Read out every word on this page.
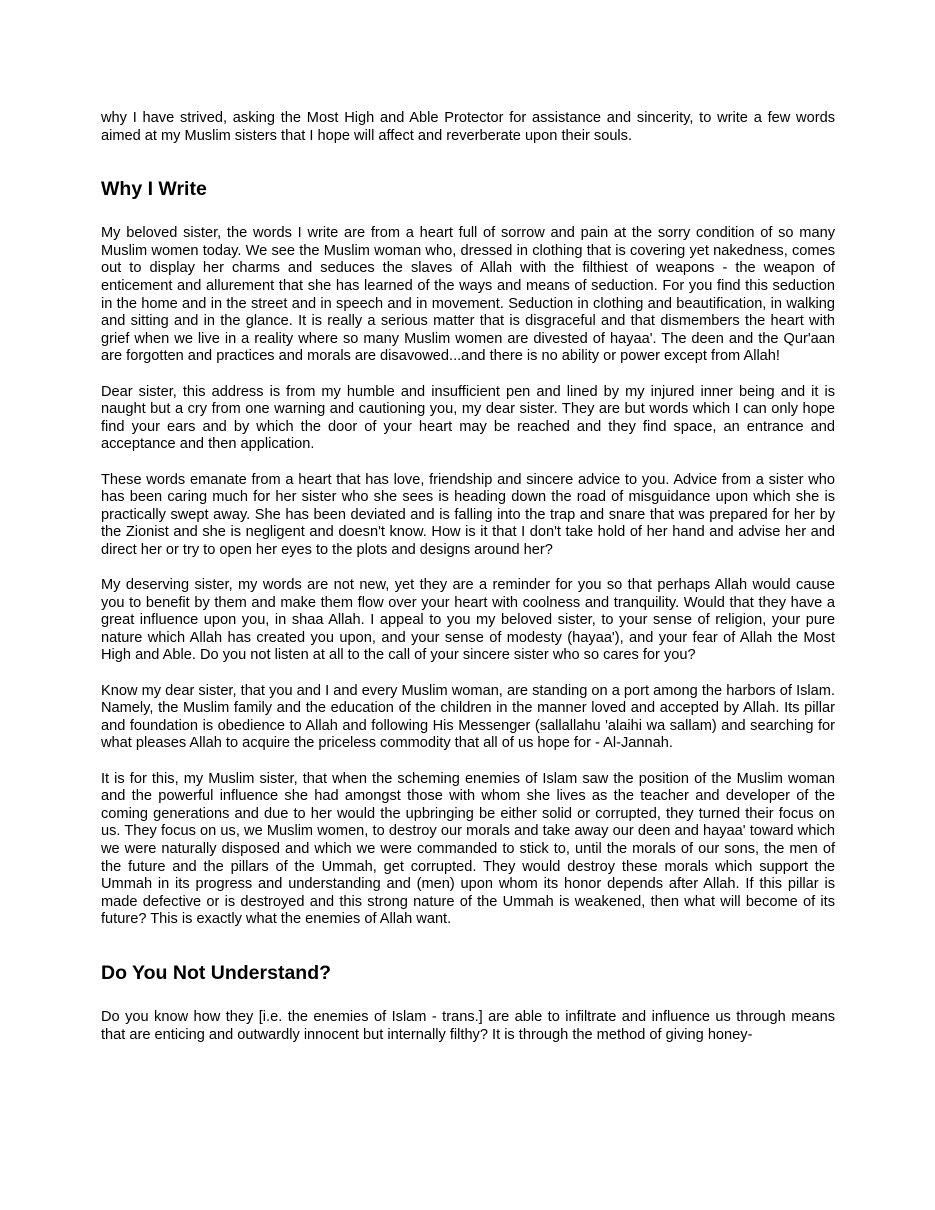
why I have strived, asking the Most High and Able Protector for assistance and sincerity, to write a few words aimed at my Muslim sisters that I hope will affect and reverberate upon their souls.

Why I Write

My beloved sister, the words I write are from a heart full of sorrow and pain at the sorry condition of so many Muslim women today. We see the Muslim woman who, dressed in clothing that is covering yet nakedness, comes out to display her charms and seduces the slaves of Allah with the filthiest of weapons - the weapon of enticement and allurement that she has learned of the ways and means of seduction. For you find this seduction in the home and in the street and in speech and in movement. Seduction in clothing and beautification, in walking and sitting and in the glance. It is really a serious matter that is disgraceful and that dismembers the heart with grief when we live in a reality where so many Muslim women are divested of hayaa'. The deen and the Qur'aan are forgotten and practices and morals are disavowed...and there is no ability or power except from Allah!

Dear sister, this address is from my humble and insufficient pen and lined by my injured inner being and it is naught but a cry from one warning and cautioning you, my dear sister. They are but words which I can only hope find your ears and by which the door of your heart may be reached and they find space, an entrance and acceptance and then application.

These words emanate from a heart that has love, friendship and sincere advice to you. Advice from a sister who has been caring much for her sister who she sees is heading down the road of misguidance upon which she is practically swept away. She has been deviated and is falling into the trap and snare that was prepared for her by the Zionist and she is negligent and doesn't know. How is it that I don't take hold of her hand and advise her and direct her or try to open her eyes to the plots and designs around her?

My deserving sister, my words are not new, yet they are a reminder for you so that perhaps Allah would cause you to benefit by them and make them flow over your heart with coolness and tranquility. Would that they have a great influence upon you, in shaa Allah. I appeal to you my beloved sister, to your sense of religion, your pure nature which Allah has created you upon, and your sense of modesty (hayaa'), and your fear of Allah the Most High and Able. Do you not listen at all to the call of your sincere sister who so cares for you?

Know my dear sister, that you and I and every Muslim woman, are standing on a port among the harbors of Islam. Namely, the Muslim family and the education of the children in the manner loved and accepted by Allah. Its pillar and foundation is obedience to Allah and following His Messenger (sallallahu 'alaihi wa sallam) and searching for what pleases Allah to acquire the priceless commodity that all of us hope for - Al-Jannah.

It is for this, my Muslim sister, that when the scheming enemies of Islam saw the position of the Muslim woman and the powerful influence she had amongst those with whom she lives as the teacher and developer of the coming generations and due to her would the upbringing be either solid or corrupted, they turned their focus on us. They focus on us, we Muslim women, to destroy our morals and take away our deen and hayaa' toward which we were naturally disposed and which we were commanded to stick to, until the morals of our sons, the men of the future and the pillars of the Ummah, get corrupted. They would destroy these morals which support the Ummah in its progress and understanding and (men) upon whom its honor depends after Allah. If this pillar is made defective or is destroyed and this strong nature of the Ummah is weakened, then what will become of its future? This is exactly what the enemies of Allah want.

Do You Not Understand?

Do you know how they [i.e. the enemies of Islam - trans.] are able to infiltrate and influence us through means that are enticing and outwardly innocent but internally filthy? It is through the method of giving honey-
